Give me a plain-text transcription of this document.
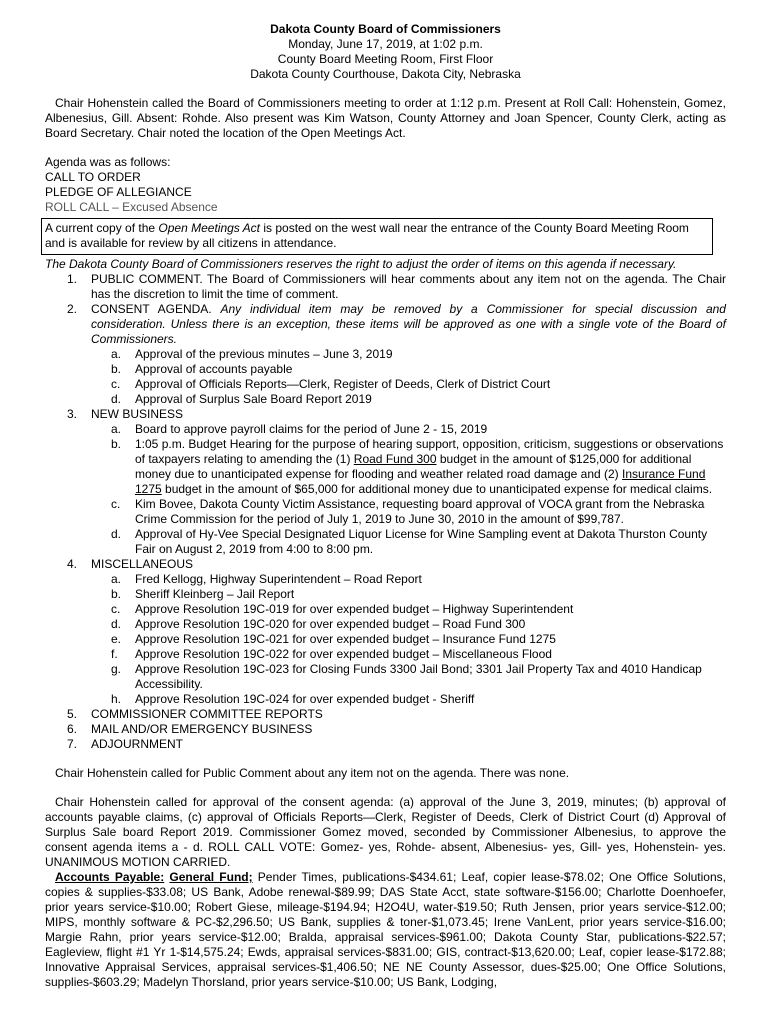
Dakota County Board of Commissioners
Monday, June 17, 2019, at 1:02 p.m.
County Board Meeting Room, First Floor
Dakota County Courthouse, Dakota City, Nebraska

Chair Hohenstein called the Board of Commissioners meeting to order at 1:12 p.m. Present at Roll Call: Hohenstein, Gomez, Albenesius, Gill. Absent: Rohde. Also present was Kim Watson, County Attorney and Joan Spencer, County Clerk, acting as Board Secretary. Chair noted the location of the Open Meetings Act.

Agenda was as follows:
CALL TO ORDER
PLEDGE OF ALLEGIANCE
ROLL CALL – Excused Absence
A current copy of the Open Meetings Act is posted on the west wall near the entrance of the County Board Meeting Room and is available for review by all citizens in attendance.
The Dakota County Board of Commissioners reserves the right to adjust the order of items on this agenda if necessary.
1. PUBLIC COMMENT. The Board of Commissioners will hear comments about any item not on the agenda. The Chair has the discretion to limit the time of comment.
2. CONSENT AGENDA. Any individual item may be removed by a Commissioner for special discussion and consideration. Unless there is an exception, these items will be approved as one with a single vote of the Board of Commissioners.
a. Approval of the previous minutes – June 3, 2019
b. Approval of accounts payable
c. Approval of Officials Reports—Clerk, Register of Deeds, Clerk of District Court
d. Approval of Surplus Sale Board Report 2019
3. NEW BUSINESS
a. Board to approve payroll claims for the period of June 2 - 15, 2019
b. 1:05 p.m. Budget Hearing for the purpose of hearing support, opposition, criticism, suggestions or observations of taxpayers relating to amending the (1) Road Fund 300 budget in the amount of $125,000 for additional money due to unanticipated expense for flooding and weather related road damage and (2) Insurance Fund 1275 budget in the amount of $65,000 for additional money due to unanticipated expense for medical claims.
c. Kim Bovee, Dakota County Victim Assistance, requesting board approval of VOCA grant from the Nebraska Crime Commission for the period of July 1, 2019 to June 30, 2010 in the amount of $99,787.
d. Approval of Hy-Vee Special Designated Liquor License for Wine Sampling event at Dakota Thurston County Fair on August 2, 2019 from 4:00 to 8:00 pm.
4. MISCELLANEOUS
a. Fred Kellogg, Highway Superintendent – Road Report
b. Sheriff Kleinberg – Jail Report
c. Approve Resolution 19C-019 for over expended budget – Highway Superintendent
d. Approve Resolution 19C-020 for over expended budget – Road Fund 300
e. Approve Resolution 19C-021 for over expended budget – Insurance Fund 1275
f. Approve Resolution 19C-022 for over expended budget – Miscellaneous Flood
g. Approve Resolution 19C-023 for Closing Funds 3300 Jail Bond; 3301 Jail Property Tax and 4010 Handicap Accessibility.
h. Approve Resolution 19C-024 for over expended budget - Sheriff
5. COMMISSIONER COMMITTEE REPORTS
6. MAIL AND/OR EMERGENCY BUSINESS
7. ADJOURNMENT

Chair Hohenstein called for Public Comment about any item not on the agenda. There was none.

Chair Hohenstein called for approval of the consent agenda: (a) approval of the June 3, 2019, minutes; (b) approval of accounts payable claims, (c) approval of Officials Reports—Clerk, Register of Deeds, Clerk of District Court (d) Approval of Surplus Sale board Report 2019. Commissioner Gomez moved, seconded by Commissioner Albenesius, to approve the consent agenda items a - d. ROLL CALL VOTE: Gomez- yes, Rohde- absent, Albenesius- yes, Gill- yes, Hohenstein- yes. UNANIMOUS MOTION CARRIED.

Accounts Payable: General Fund; Pender Times, publications-$434.61; Leaf, copier lease-$78.02; One Office Solutions, copies & supplies-$33.08; US Bank, Adobe renewal-$89.99; DAS State Acct, state software-$156.00; Charlotte Doenhoefer, prior years service-$10.00; Robert Giese, mileage-$194.94; H2O4U, water-$19.50; Ruth Jensen, prior years service-$12.00; MIPS, monthly software & PC-$2,296.50; US Bank, supplies & toner-$1,073.45; Irene VanLent, prior years service-$16.00; Margie Rahn, prior years service-$12.00; Bralda, appraisal services-$961.00; Dakota County Star, publications-$22.57; Eagleview, flight #1 Yr 1-$14,575.24; Ewds, appraisal services-$831.00; GIS, contract-$13,620.00; Leaf, copier lease-$172.88; Innovative Appraisal Services, appraisal services-$1,406.50; NE NE County Assessor, dues-$25.00; One Office Solutions, supplies-$603.29; Madelyn Thorsland, prior years service-$10.00; US Bank, Lodging,
